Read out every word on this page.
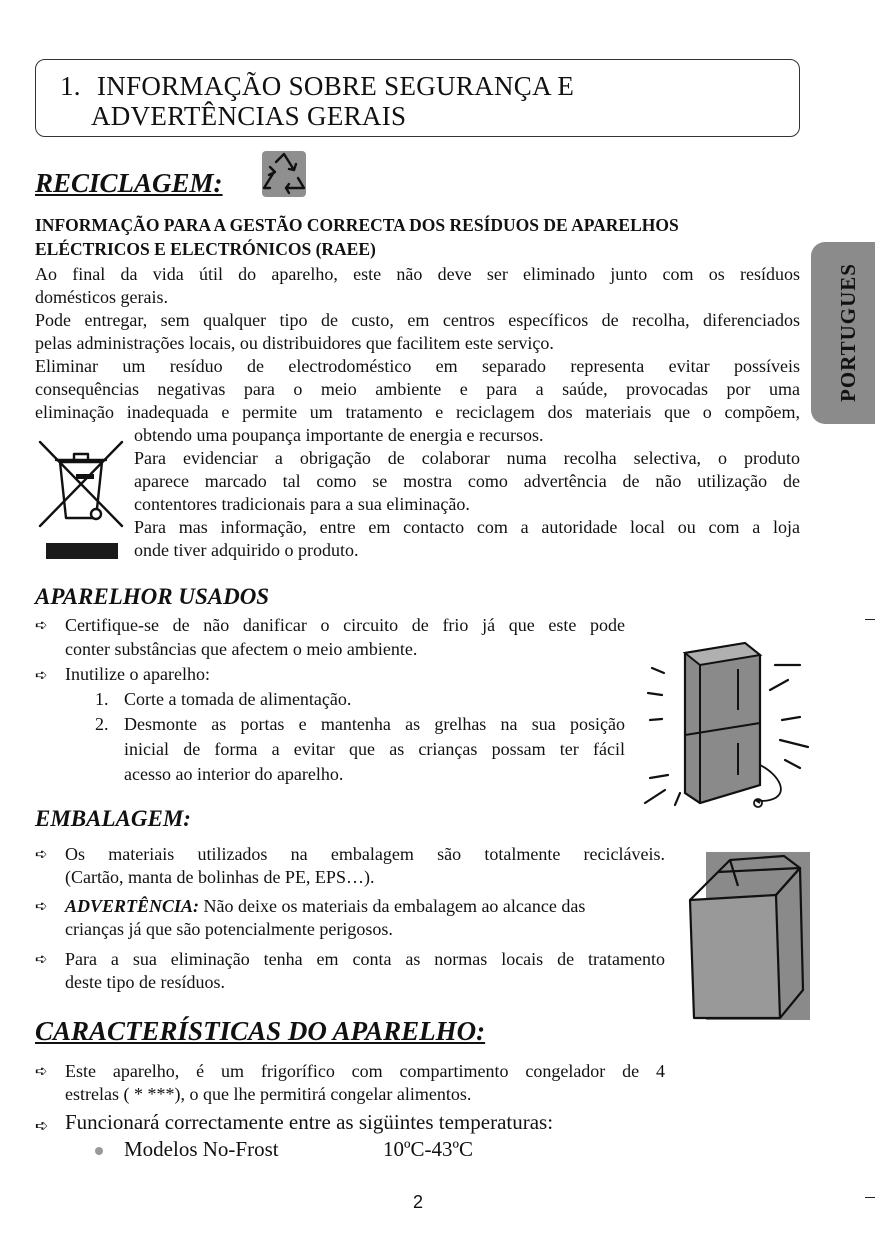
1. INFORMAÇÃO SOBRE SEGURANÇA E
ADVERTÊNCIAS GERAIS
PORTUGUES
RECICLAGEM:
INFORMAÇÃO PARA A GESTÃO CORRECTA DOS RESÍDUOS DE APARELHOS
ELÉCTRICOS E ELECTRÓNICOS (RAEE)
Ao final da vida útil do aparelho, este não deve ser eliminado junto com os resíduos
domésticos gerais.
Pode entregar, sem qualquer tipo de custo, em centros específicos de recolha, diferenciados
pelas administrações locais, ou distribuidores que facilitem este serviço.
Eliminar um resíduo de electrodoméstico em separado representa evitar possíveis
consequências negativas para o meio ambiente e para a saúde, provocadas por uma
eliminação inadequada e permite um tratamento e reciclagem dos materiais que o compõem,
obtendo uma poupança importante de energia e recursos.
Para evidenciar a obrigação de colaborar numa recolha selectiva, o produto
aparece marcado tal como se mostra como advertência de não utilização de
contentores tradicionais para a sua eliminação.
Para mas informação, entre em contacto com a autoridade local ou com a loja
onde tiver adquirido o produto.
APARELHOR USADOS
➪ Certifique-se de não danificar o circuito de frio já que este pode
conter substâncias que afectem o meio ambiente.
➪ Inutilize o aparelho:
1. Corte a tomada de alimentação.
2. Desmonte as portas e mantenha as grelhas na sua posição
inicial de forma a evitar que as crianças possam ter fácil
acesso ao interior do aparelho.
EMBALAGEM:
➪ Os materiais utilizados na embalagem são totalmente recicláveis.
(Cartão, manta de bolinhas de PE, EPS…).
➪ ADVERTÊNCIA: Não deixe os materiais da embalagem ao alcance das
crianças já que são potencialmente perigosos.
➪ Para a sua eliminação tenha em conta as normas locais de tratamento
deste tipo de resíduos.
CARACTERÍSTICAS DO APARELHO:
➪ Este aparelho, é um frigorífico com compartimento congelador de 4
estrelas ( * ***), o que lhe permitirá congelar alimentos.
➪ Funcionará correctamente entre as sigüintes temperaturas:
Modelos No-Frost	10ºC-43ºC
2
